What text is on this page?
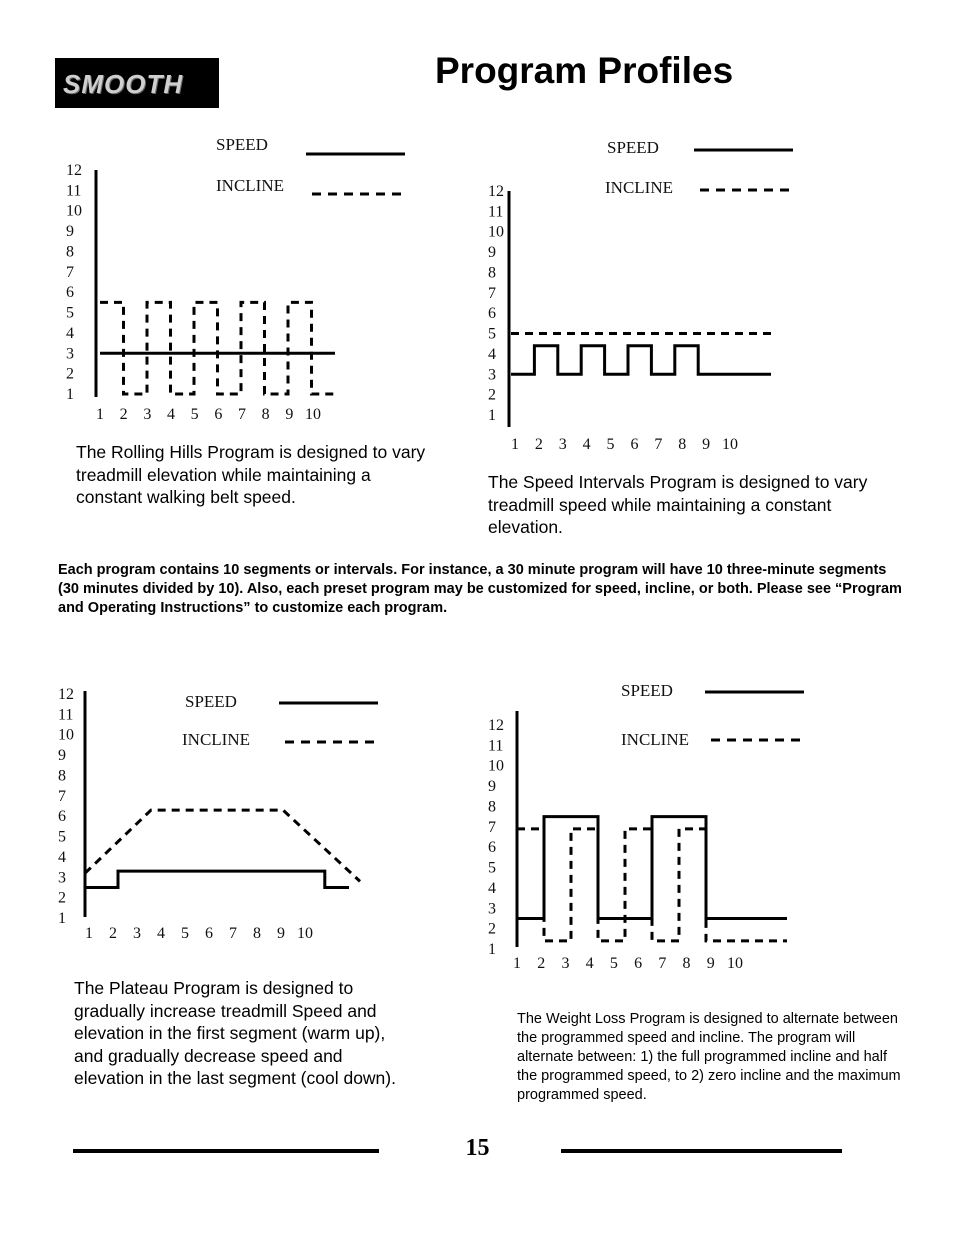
SMOOTH	Program Profiles
1
2
3
4
5
6
7
8
9
10
11
12
1 2 3 4 5 6 7 8 9 10
SPEED
INCLINE
1
2
3
4
5
6
7
8
9
10
11
12
1 2 3 4 5 6 7 8 9 10
SPEED
INCLINE
1
2
3
4
5
6
7
8
9
10
11
12
1 2 3 4 5 6 7 8 9 10
SPEED
INCLINE
1
2
3
4
5
6
7
8
9
10
11
12
1 2 3 4 5 6 7 8 9 10
SPEED
INCLINE
The Rolling Hills Program is designed to vary treadmill elevation while maintaining a constant walking belt speed.
The Speed Intervals Program is designed to vary treadmill speed while maintaining a constant elevation.
Each program contains 10 segments or intervals. For instance, a 30 minute program will have 10 three-minute segments (30 minutes divided by 10). Also, each preset program may be customized for speed, incline, or both. Please see “Program and Operating Instructions” to customize each program.
The Plateau Program is designed to gradually increase treadmill Speed and elevation in the first segment (warm up), and gradually decrease speed and elevation in the last segment (cool down).
The Weight Loss Program is designed to alternate between the programmed speed and incline. The program will alternate between: 1) the full programmed incline and half the programmed speed, to 2) zero incline and the maximum programmed speed.
15
